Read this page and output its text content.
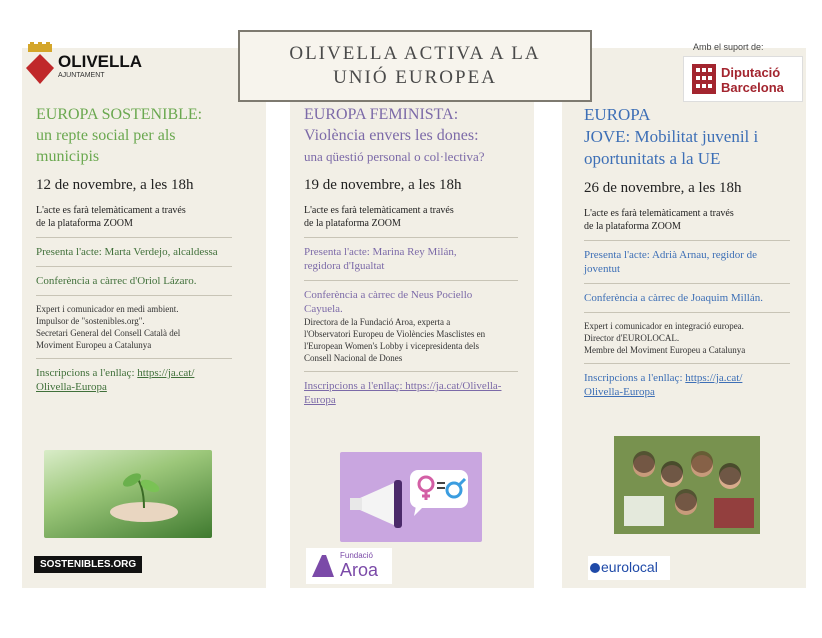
OLIVELLA
AJUNTAMENT
OLIVELLA ACTIVA A LA
UNIÓ EUROPEA
Amb el suport de:
Diputació
Barcelona
EUROPA SOSTENIBLE:
un repte social per als
municipis
12 de novembre, a les 18h
L'acte es farà telemàticament a través
de la plataforma ZOOM
Presenta l'acte: Marta Verdejo, alcaldessa
Conferència a càrrec d'Oriol Lázaro.
Expert i comunicador en medi ambient.
Impulsor de "sostenibles.org".
Secretari General del Consell Català del
Moviment Europeu a Catalunya
Inscripcions a l'enllaç: https://ja.cat/
Olivella-Europa
SOSTENIBLES.ORG
EUROPA FEMINISTA:
Violència envers les dones:
una qüestió personal o col·lectiva?
19 de novembre, a les 18h
L'acte es farà telemàticament a través
de la plataforma ZOOM
Presenta l'acte: Marina Rey Milán,
regidora d'Igualtat
Conferència a càrrec de Neus Pociello
Cayuela.
Directora de la Fundació Aroa, experta a
l'Observatori Europeu de Violències Masclistes en
l'European Women's Lobby i vicepresidenta dels
Consell Nacional de Dones
Inscripcions a l'enllaç: https://ja.cat/Olivella-
Europa
Fundació
Aroa
EUROPA
JOVE: Mobilitat juvenil i
oportunitats a la UE
26 de novembre, a les 18h
L'acte es farà telemàticament a través
de la plataforma ZOOM
Presenta l'acte: Adrià Arnau, regidor de
joventut
Conferència a càrrec de Joaquim Millán.
Expert i comunicador en integració europea.
Director d'EUROLOCAL.
Membre del Moviment Europeu a Catalunya
Inscripcions a l'enllaç: https://ja.cat/
Olivella-Europa
eurolocal
